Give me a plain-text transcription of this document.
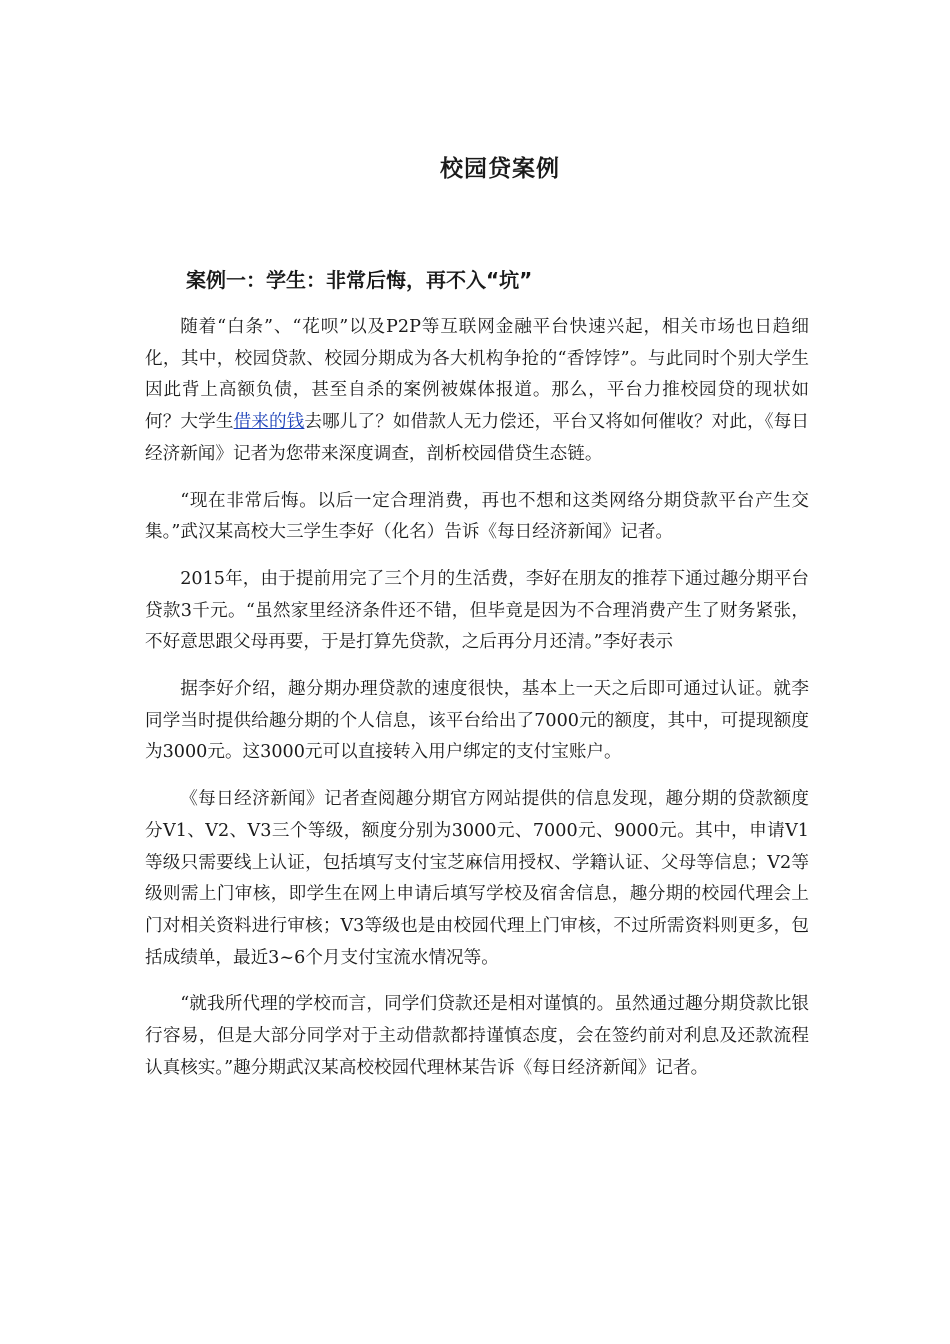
校园贷案例
案例一：学生：非常后悔，再不入“坑”

随着“白条”、“花呗”以及P2P等互联网金融平台快速兴起，相关市场也日趋细化，其中，校园贷款、校园分期成为各大机构争抢的“香饽饽”。与此同时个别大学生因此背上高额负债，甚至自杀的案例被媒体报道。那么，平台力推校园贷的现状如何？大学生借来的钱去哪儿了？如借款人无力偿还，平台又将如何催收？对此，《每日经济新闻》记者为您带来深度调查，剖析校园借贷生态链。

“现在非常后悔。以后一定合理消费，再也不想和这类网络分期贷款平台产生交集。”武汉某高校大三学生李好（化名）告诉《每日经济新闻》记者。

2015年，由于提前用完了三个月的生活费，李好在朋友的推荐下通过趣分期平台贷款3千元。“虽然家里经济条件还不错，但毕竟是因为不合理消费产生了财务紧张，不好意思跟父母再要，于是打算先贷款，之后再分月还清。”李好表示

据李好介绍，趣分期办理贷款的速度很快，基本上一天之后即可通过认证。就李同学当时提供给趣分期的个人信息，该平台给出了7000元的额度，其中，可提现额度为3000元。这3000元可以直接转入用户绑定的支付宝账户。

《每日经济新闻》记者查阅趣分期官方网站提供的信息发现，趣分期的贷款额度分V1、V2、V3三个等级，额度分别为3000元、7000元、9000元。其中，申请V1等级只需要线上认证，包括填写支付宝芝麻信用授权、学籍认证、父母等信息；V2等级则需上门审核，即学生在网上申请后填写学校及宿舍信息，趣分期的校园代理会上门对相关资料进行审核；V3等级也是由校园代理上门审核，不过所需资料则更多，包括成绩单，最近3~6个月支付宝流水情况等。

“就我所代理的学校而言，同学们贷款还是相对谨慎的。虽然通过趣分期贷款比银行容易，但是大部分同学对于主动借款都持谨慎态度，会在签约前对利息及还款流程认真核实。”趣分期武汉某高校校园代理林某告诉《每日经济新闻》记者。
